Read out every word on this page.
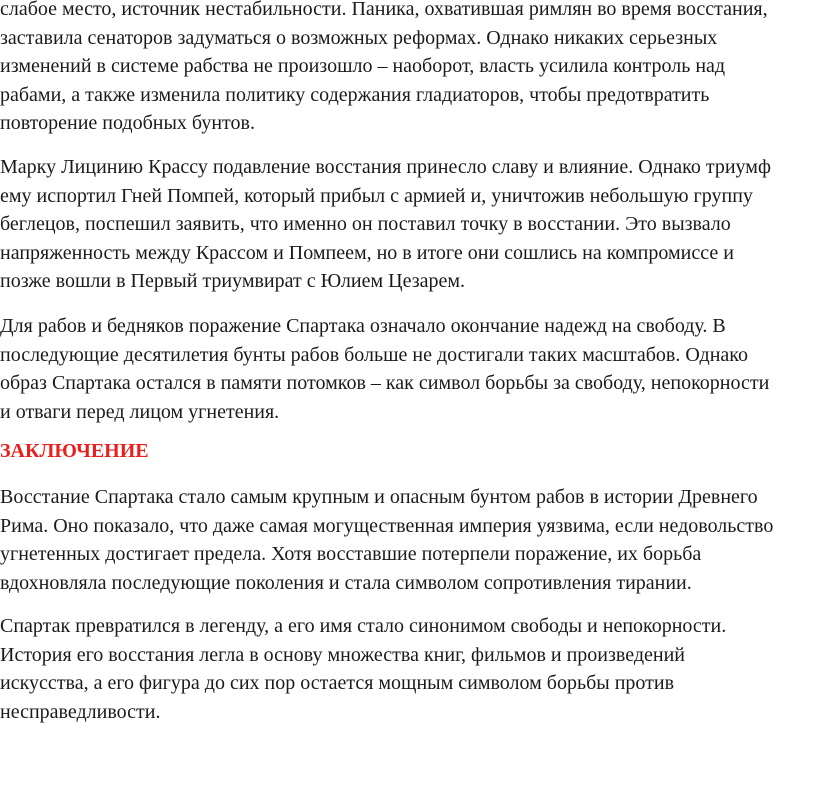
слабое место, источник нестабильности. Паника, охватившая римлян во время восстания,
заставила сенаторов задуматься о возможных реформах. Однако никаких серьезных
изменений в системе рабства не произошло – наоборот, власть усилила контроль над
рабами, а также изменила политику содержания гладиаторов, чтобы предотвратить
повторение подобных бунтов.

Марку Лицинию Крассу подавление восстания принесло славу и влияние. Однако триумф
ему испортил Гней Помпей, который прибыл с армией и, уничтожив небольшую группу
беглецов, поспешил заявить, что именно он поставил точку в восстании. Это вызвало
напряженность между Крассом и Помпеем, но в итоге они сошлись на компромиссе и
позже вошли в Первый триумвират с Юлием Цезарем.

Для рабов и бедняков поражение Спартака означало окончание надежд на свободу. В
последующие десятилетия бунты рабов больше не достигали таких масштабов. Однако
образ Спартака остался в памяти потомков – как символ борьбы за свободу, непокорности
и отваги перед лицом угнетения.

ЗАКЛЮЧЕНИЕ

Восстание Спартака стало самым крупным и опасным бунтом рабов в истории Древнего
Рима. Оно показало, что даже самая могущественная империя уязвима, если недовольство
угнетенных достигает предела. Хотя восставшие потерпели поражение, их борьба
вдохновляла последующие поколения и стала символом сопротивления тирании.

Спартак превратился в легенду, а его имя стало синонимом свободы и непокорности.
История его восстания легла в основу множества книг, фильмов и произведений
искусства, а его фигура до сих пор остается мощным символом борьбы против
несправедливости.
